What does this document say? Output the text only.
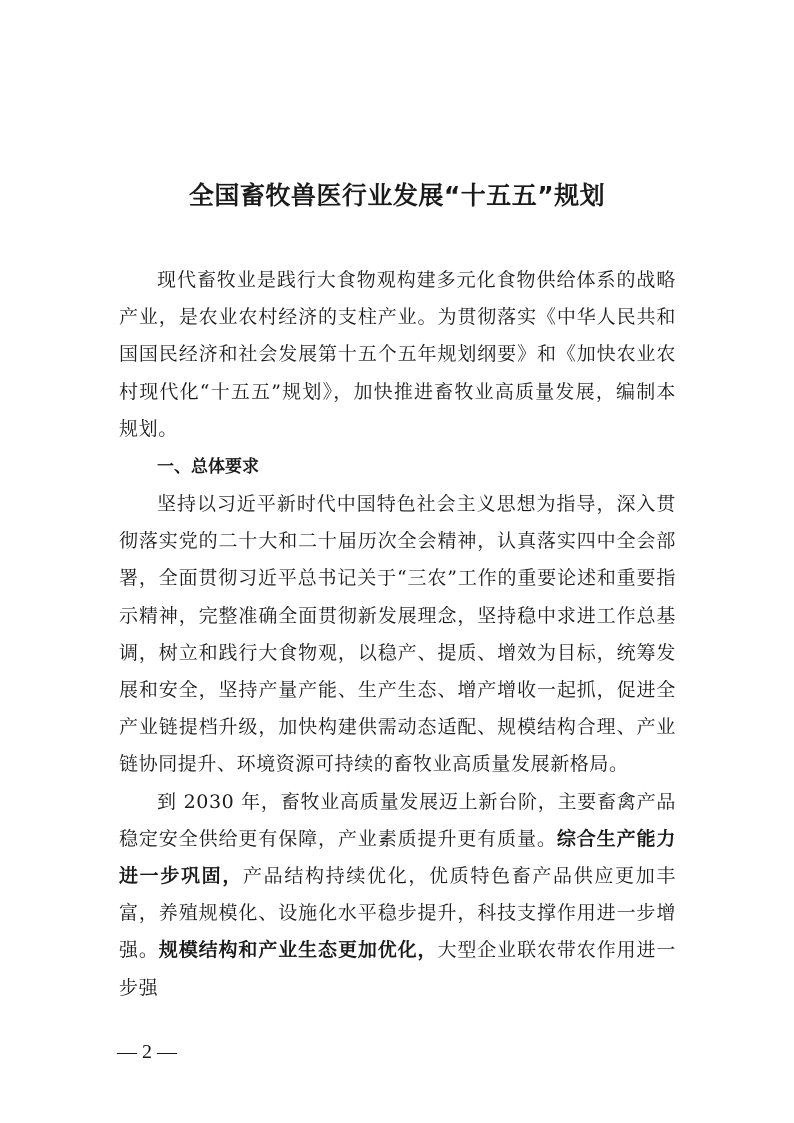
全国畜牧兽医行业发展“十五五”规划

现代畜牧业是践行大食物观构建多元化食物供给体系的战略产业，是农业农村经济的支柱产业。为贯彻落实《中华人民共和国国民经济和社会发展第十五个五年规划纲要》和《加快农业农村现代化“十五五”规划》，加快推进畜牧业高质量发展，编制本规划。

一、总体要求

坚持以习近平新时代中国特色社会主义思想为指导，深入贯彻落实党的二十大和二十届历次全会精神，认真落实四中全会部署，全面贯彻习近平总书记关于“三农”工作的重要论述和重要指示精神，完整准确全面贯彻新发展理念，坚持稳中求进工作总基调，树立和践行大食物观，以稳产、提质、增效为目标，统筹发展和安全，坚持产量产能、生产生态、增产增收一起抓，促进全产业链提档升级，加快构建供需动态适配、规模结构合理、产业链协同提升、环境资源可持续的畜牧业高质量发展新格局。

到 2030 年，畜牧业高质量发展迈上新台阶，主要畜禽产品稳定安全供给更有保障，产业素质提升更有质量。综合生产能力进一步巩固，产品结构持续优化，优质特色畜产品供应更加丰富，养殖规模化、设施化水平稳步提升，科技支撑作用进一步增强。规模结构和产业生态更加优化，大型企业联农带农作用进一步强

— 2 —
